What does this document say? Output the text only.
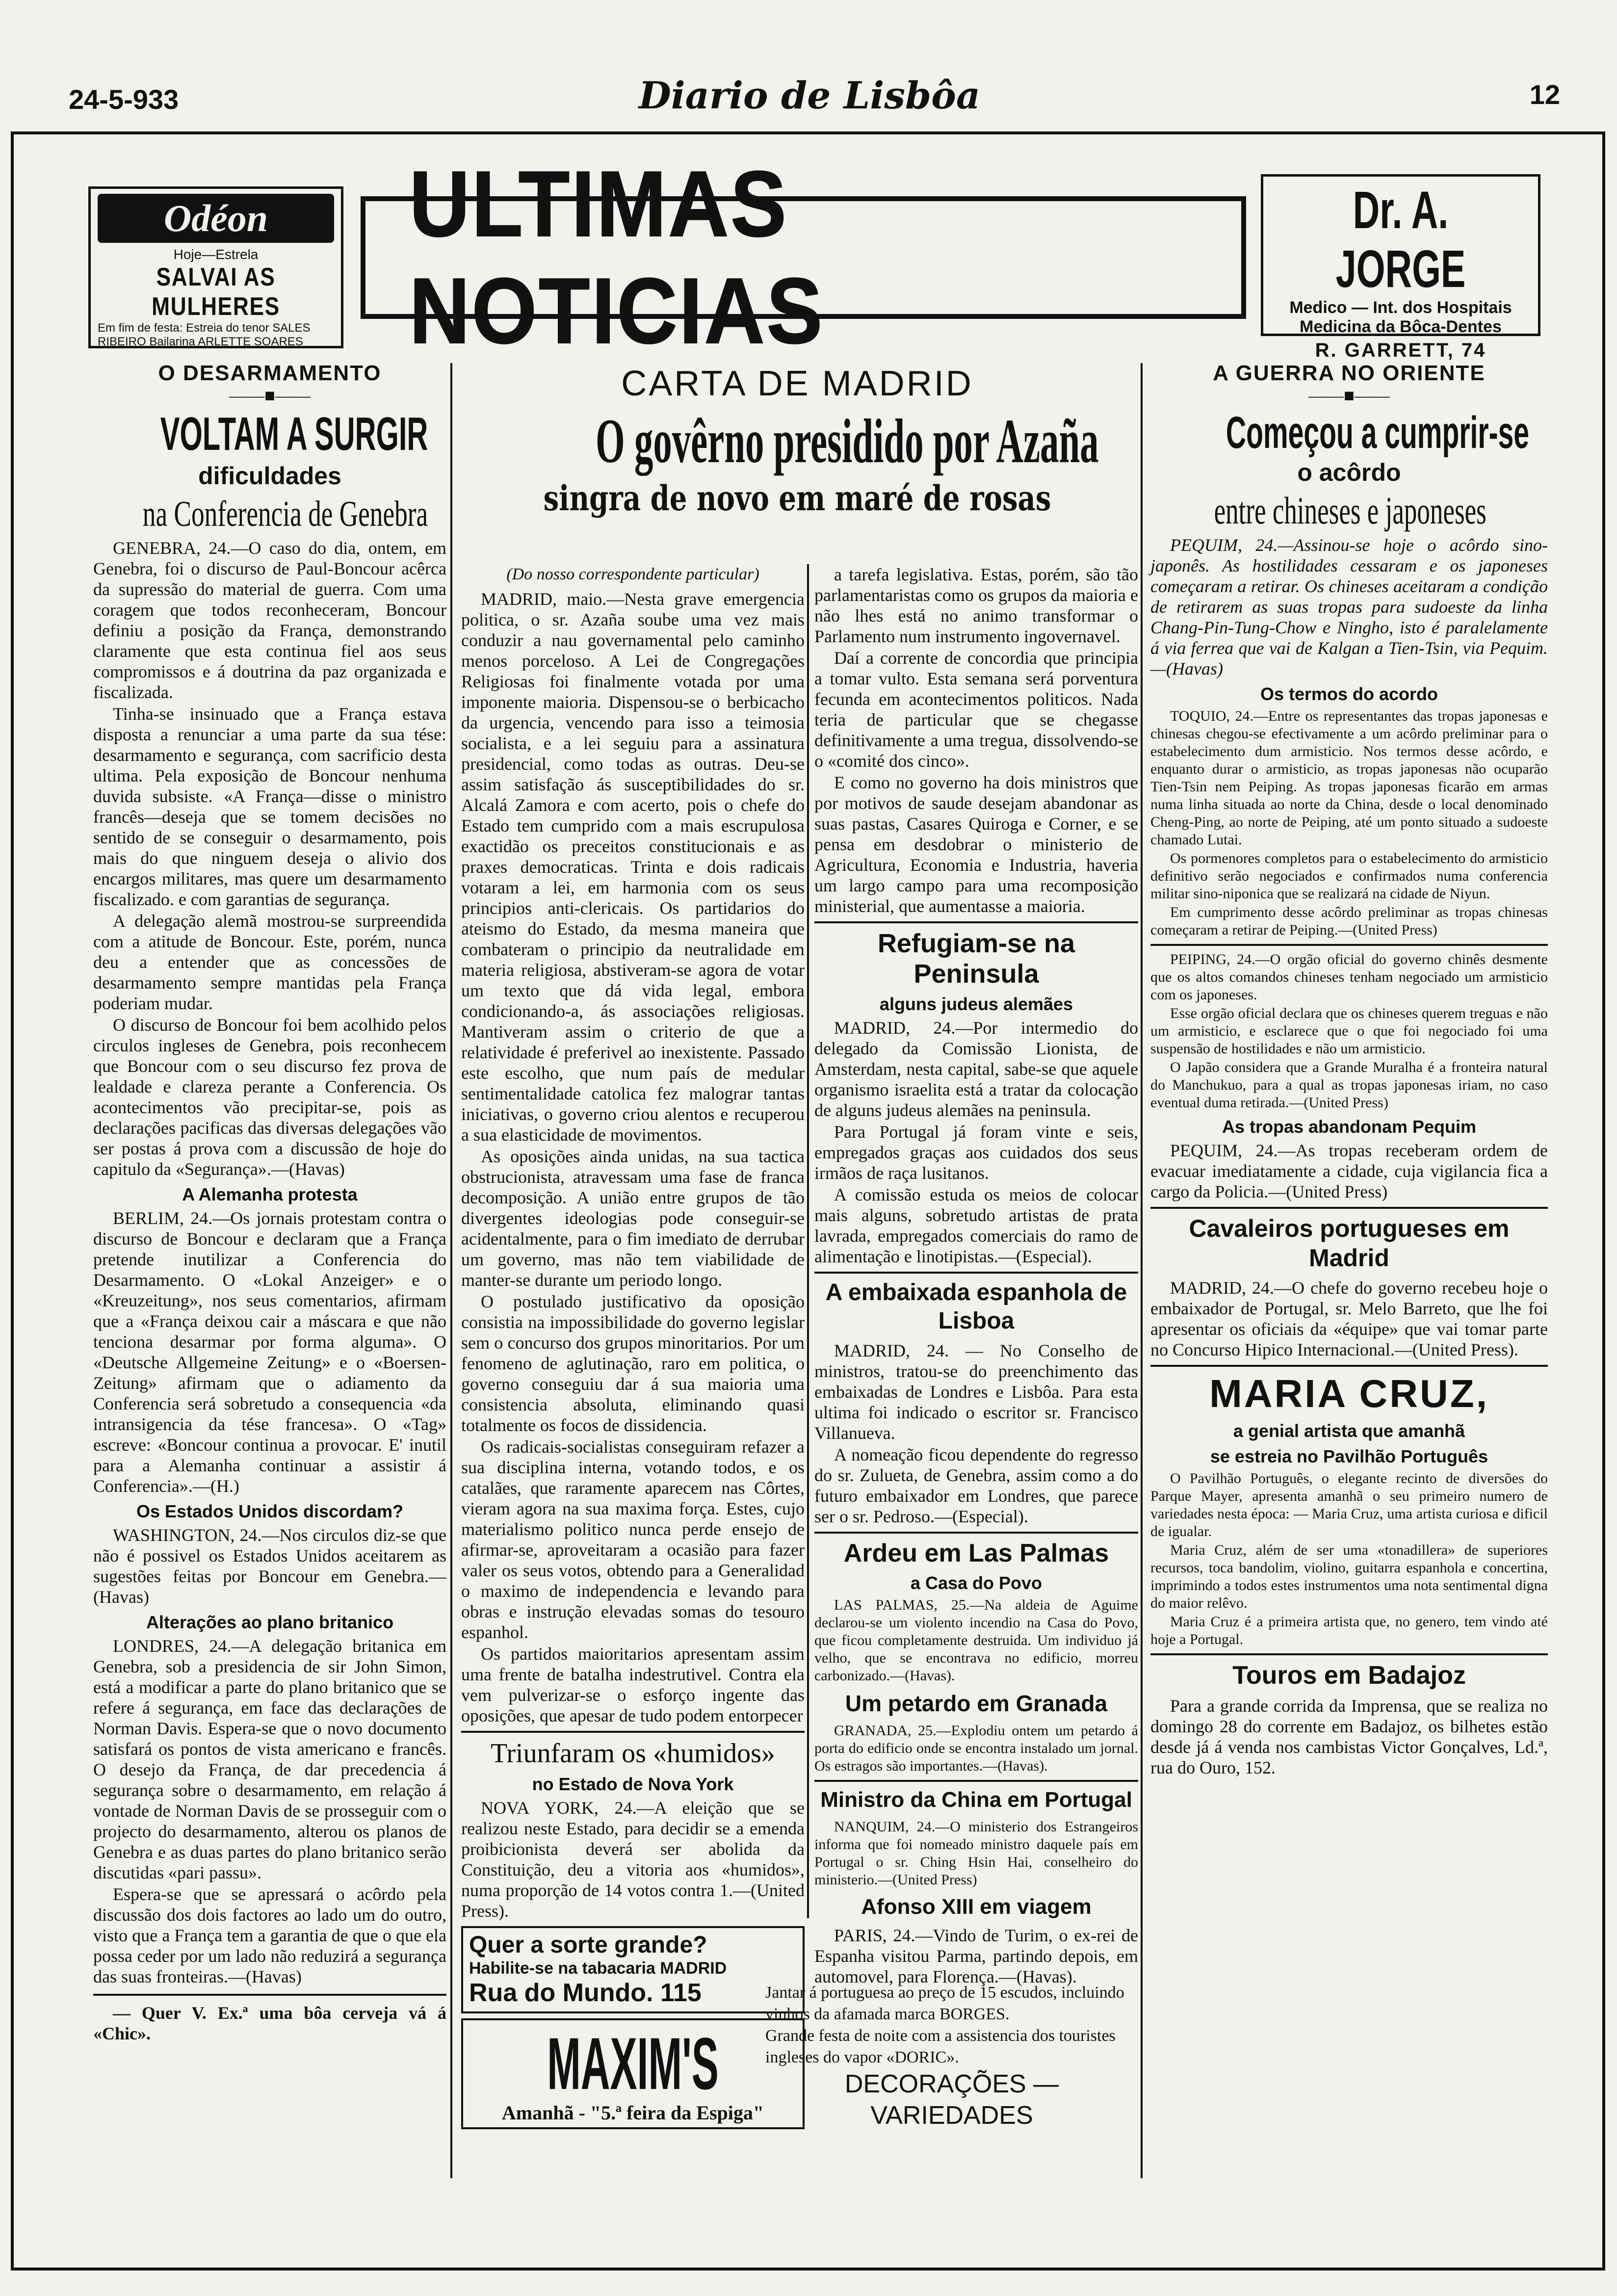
24-5-933	Diario de Lisbôa	12
Odéon
Hoje—Estrela
SALVAI AS MULHERES
Em fim de festa: Estreia do tenor SALES RIBEIRO Bailarina ARLETTE SOARES
ULTIMAS NOTICIAS
Dr. A. JORGE
Medico — Int. dos Hospitais
Medicina da Bôca-Dentes
R. GARRETT, 74
O DESARMAMENTO
——■——
VOLTAM A SURGIR
dificuldades
na Conferencia de Genebra

GENEBRA, 24.—O caso do dia, ontem, em Genebra, foi o discurso de Paul-Boncour acêrca da supressão do material de guerra. Com uma coragem que todos reconheceram, Boncour definiu a posição da França, demonstrando claramente que esta continua fiel aos seus compromissos e á doutrina da paz organizada e fiscalizada.

Tinha-se insinuado que a França estava disposta a renunciar a uma parte da sua tése: desarmamento e segurança, com sacrificio desta ultima. Pela exposição de Boncour nenhuma duvida subsiste. «A França—disse o ministro francês—deseja que se tomem decisões no sentido de se conseguir o desarmamento, pois mais do que ninguem deseja o alivio dos encargos militares, mas quere um desarmamento fiscalizado. e com garantias de segurança.

A delegação alemã mostrou-se surpreendida com a atitude de Boncour. Este, porém, nunca deu a entender que as concessões de desarmamento sempre mantidas pela França poderiam mudar.

O discurso de Boncour foi bem acolhido pelos circulos ingleses de Genebra, pois reconhecem que Boncour com o seu discurso fez prova de lealdade e clareza perante a Conferencia. Os acontecimentos vão precipitar-se, pois as declarações pacificas das diversas delegações vão ser postas á prova com a discussão de hoje do capitulo da «Segurança».—(Havas)

A Alemanha protesta

BERLIM, 24.—Os jornais protestam contra o discurso de Boncour e declaram que a França pretende inutilizar a Conferencia do Desarmamento. O «Lokal Anzeiger» e o «Kreuzeitung», nos seus comentarios, afirmam que a «França deixou cair a máscara e que não tenciona desarmar por forma alguma». O «Deutsche Allgemeine Zeitung» e o «Boersen-Zeitung» afirmam que o adiamento da Conferencia será sobretudo a consequencia «da intransigencia da tése francesa». O «Tag» escreve: «Boncour continua a provocar. E' inutil para a Alemanha continuar a assistir á Conferencia».—(H.)

Os Estados Unidos discordam?

WASHINGTON, 24.—Nos circulos diz-se que não é possivel os Estados Unidos aceitarem as sugestões feitas por Boncour em Genebra.—(Havas)

Alterações ao plano britanico

LONDRES, 24.—A delegação britanica em Genebra, sob a presidencia de sir John Simon, está a modificar a parte do plano britanico que se refere á segurança, em face das declarações de Norman Davis. Espera-se que o novo documento satisfará os pontos de vista americano e francês. O desejo da França, de dar precedencia á segurança sobre o desarmamento, em relação á vontade de Norman Davis de se prosseguir com o projecto do desarmamento, alterou os planos de Genebra e as duas partes do plano britanico serão discutidas «pari passu».

Espera-se que se apressará o acôrdo pela discussão dos dois factores ao lado um do outro, visto que a França tem a garantia de que o que ela possa ceder por um lado não reduzirá a segurança das suas fronteiras.—(Havas)

— Quer V. Ex.ª uma bôa cerveja vá á «Chic».

CARTA DE MADRID
O govêrno presidido por Azaña
singra de novo em maré de rosas
(Do nosso correspondente particular)

MADRID, maio.—Nesta grave emergencia politica, o sr. Azaña soube uma vez mais conduzir a nau governamental pelo caminho menos porceloso. A Lei de Congregações Religiosas foi finalmente votada por uma imponente maioria. Dispensou-se o berbicacho da urgencia, vencendo para isso a teimosia socialista, e a lei seguiu para a assinatura presidencial, como todas as outras. Deu-se assim satisfação ás susceptibilidades do sr. Alcalá Zamora e com acerto, pois o chefe do Estado tem cumprido com a mais escrupulosa exactidão os preceitos constitucionais e as praxes democraticas. Trinta e dois radicais votaram a lei, em harmonia com os seus principios anti-clericais. Os partidarios do ateismo do Estado, da mesma maneira que combateram o principio da neutralidade em materia religiosa, abstiveram-se agora de votar um texto que dá vida legal, embora condicionando-a, ás associações religiosas. Mantiveram assim o criterio de que a relatividade é preferivel ao inexistente. Passado este escolho, que num país de medular sentimentalidade catolica fez malograr tantas iniciativas, o governo criou alentos e recuperou a sua elasticidade de movimentos.

As oposições ainda unidas, na sua tactica obstrucionista, atravessam uma fase de franca decomposição. A união entre grupos de tão divergentes ideologias pode conseguir-se acidentalmente, para o fim imediato de derrubar um governo, mas não tem viabilidade de manter-se durante um periodo longo.

O postulado justificativo da oposição consistia na impossibilidade do governo legislar sem o concurso dos grupos minoritarios. Por um fenomeno de aglutinação, raro em politica, o governo conseguiu dar á sua maioria uma consistencia absoluta, eliminando quasi totalmente os focos de dissidencia.

Os radicais-socialistas conseguiram refazer a sua disciplina interna, votando todos, e os catalães, que raramente aparecem nas Côrtes, vieram agora na sua maxima força. Estes, cujo materialismo politico nunca perde ensejo de afirmar-se, aproveitaram a ocasião para fazer valer os seus votos, obtendo para a Generalidad o maximo de independencia e levando para obras e instrução elevadas somas do tesouro espanhol.

Os partidos maioritarios apresentam assim uma frente de batalha indestrutivel. Contra ela vem pulverizar-se o esforço ingente das oposições, que apesar de tudo podem entorpecer

Triunfaram os «humidos»
no Estado de Nova York

NOVA YORK, 24.—A eleição que se realizou neste Estado, para decidir se a emenda proibicionista deverá ser abolida da Constituição, deu a vitoria aos «humidos», numa proporção de 14 votos contra 1.—(United Press).

Quer a sorte grande?
Habilite-se na tabacaria MADRID
Rua do Mundo. 115
MAXIM'S
Amanhã - "5.ª feira da Espiga"

a tarefa legislativa. Estas, porém, são tão parlamentaristas como os grupos da maioria e não lhes está no animo transformar o Parlamento num instrumento ingovernavel.

Daí a corrente de concordia que principia a tomar vulto. Esta semana será porventura fecunda em acontecimentos politicos. Nada teria de particular que se chegasse definitivamente a uma tregua, dissolvendo-se o «comité dos cinco».

E como no governo ha dois ministros que por motivos de saude desejam abandonar as suas pastas, Casares Quiroga e Corner, e se pensa em desdobrar o ministerio de Agricultura, Economia e Industria, haveria um largo campo para uma recomposição ministerial, que aumentasse a maioria.

Refugiam-se na Peninsula
alguns judeus alemães

MADRID, 24.—Por intermedio do delegado da Comissão Lionista, de Amsterdam, nesta capital, sabe-se que aquele organismo israelita está a tratar da colocação de alguns judeus alemães na peninsula.

Para Portugal já foram vinte e seis, empregados graças aos cuidados dos seus irmãos de raça lusitanos.

A comissão estuda os meios de colocar mais alguns, sobretudo artistas de prata lavrada, empregados comerciais do ramo de alimentação e linotipistas.—(Especial).

A embaixada espanhola de Lisboa

MADRID, 24. — No Conselho de ministros, tratou-se do preenchimento das embaixadas de Londres e Lisbôa. Para esta ultima foi indicado o escritor sr. Francisco Villanueva.

A nomeação ficou dependente do regresso do sr. Zulueta, de Genebra, assim como a do futuro embaixador em Londres, que parece ser o sr. Pedroso.—(Especial).

Ardeu em Las Palmas
a Casa do Povo

LAS PALMAS, 25.—Na aldeia de Aguime declarou-se um violento incendio na Casa do Povo, que ficou completamente destruida. Um individuo já velho, que se encontrava no edificio, morreu carbonizado.—(Havas).

Um petardo em Granada

GRANADA, 25.—Explodiu ontem um petardo á porta do edificio onde se encontra instalado um jornal. Os estragos são importantes.—(Havas).

Ministro da China em Portugal

NANQUIM, 24.—O ministerio dos Estrangeiros informa que foi nomeado ministro daquele país em Portugal o sr. Ching Hsin Hai, conselheiro do ministerio.—(United Press)

Afonso XIII em viagem

PARIS, 24.—Vindo de Turim, o ex-rei de Espanha visitou Parma, partindo depois, em automovel, para Florença.—(Havas).

Jantar á portuguesa ao preço de 15 escudos, incluindo vinhos da afamada marca BORGES.
Grande festa de noite com a assistencia dos touristes ingleses do vapor «DORIC».
DECORAÇÕES — VARIEDADES
A GUERRA NO ORIENTE
——■——
Começou a cumprir-se
o acôrdo
entre chineses e japoneses

PEQUIM, 24.—Assinou-se hoje o acôrdo sino-japonês. As hostilidades cessaram e os japoneses começaram a retirar. Os chineses aceitaram a condição de retirarem as suas tropas para sudoeste da linha Chang-Pin-Tung-Chow e Ningho, isto é paralelamente á via ferrea que vai de Kalgan a Tien-Tsin, via Pequim.—(Havas)

Os termos do acordo

TOQUIO, 24.—Entre os representantes das tropas japonesas e chinesas chegou-se efectivamente a um acôrdo preliminar para o estabelecimento dum armisticio. Nos termos desse acôrdo, e enquanto durar o armisticio, as tropas japonesas não ocuparão Tien-Tsin nem Peiping. As tropas japonesas ficarão em armas numa linha situada ao norte da China, desde o local denominado Cheng-Ping, ao norte de Peiping, até um ponto situado a sudoeste chamado Lutai.

Os pormenores completos para o estabelecimento do armisticio definitivo serão negociados e confirmados numa conferencia militar sino-niponica que se realizará na cidade de Niyun.

Em cumprimento desse acôrdo preliminar as tropas chinesas começaram a retirar de Peiping.—(United Press)

PEIPING, 24.—O orgão oficial do governo chinês desmente que os altos comandos chineses tenham negociado um armisticio com os japoneses.

Esse orgão oficial declara que os chineses querem treguas e não um armisticio, e esclarece que o que foi negociado foi uma suspensão de hostilidades e não um armisticio.

O Japão considera que a Grande Muralha é a fronteira natural do Manchukuo, para a qual as tropas japonesas iriam, no caso eventual duma retirada.—(United Press)

As tropas abandonam Pequim

PEQUIM, 24.—As tropas receberam ordem de evacuar imediatamente a cidade, cuja vigilancia fica a cargo da Policia.—(United Press)

Cavaleiros portugueses em Madrid

MADRID, 24.—O chefe do governo recebeu hoje o embaixador de Portugal, sr. Melo Barreto, que lhe foi apresentar os oficiais da «équipe» que vai tomar parte no Concurso Hipico Internacional.—(United Press).

MARIA CRUZ,
a genial artista que amanhã
se estreia no Pavilhão Português

O Pavilhão Português, o elegante recinto de diversões do Parque Mayer, apresenta amanhã o seu primeiro numero de variedades nesta época: — Maria Cruz, uma artista curiosa e dificil de igualar.

Maria Cruz, além de ser uma «tonadillera» de superiores recursos, toca bandolim, violino, guitarra espanhola e concertina, imprimindo a todos estes instrumentos uma nota sentimental digna do maior relêvo.

Maria Cruz é a primeira artista que, no genero, tem vindo até hoje a Portugal.

Touros em Badajoz

Para a grande corrida da Imprensa, que se realiza no domingo 28 do corrente em Badajoz, os bilhetes estão desde já á venda nos cambistas Victor Gonçalves, Ld.ª, rua do Ouro, 152.
